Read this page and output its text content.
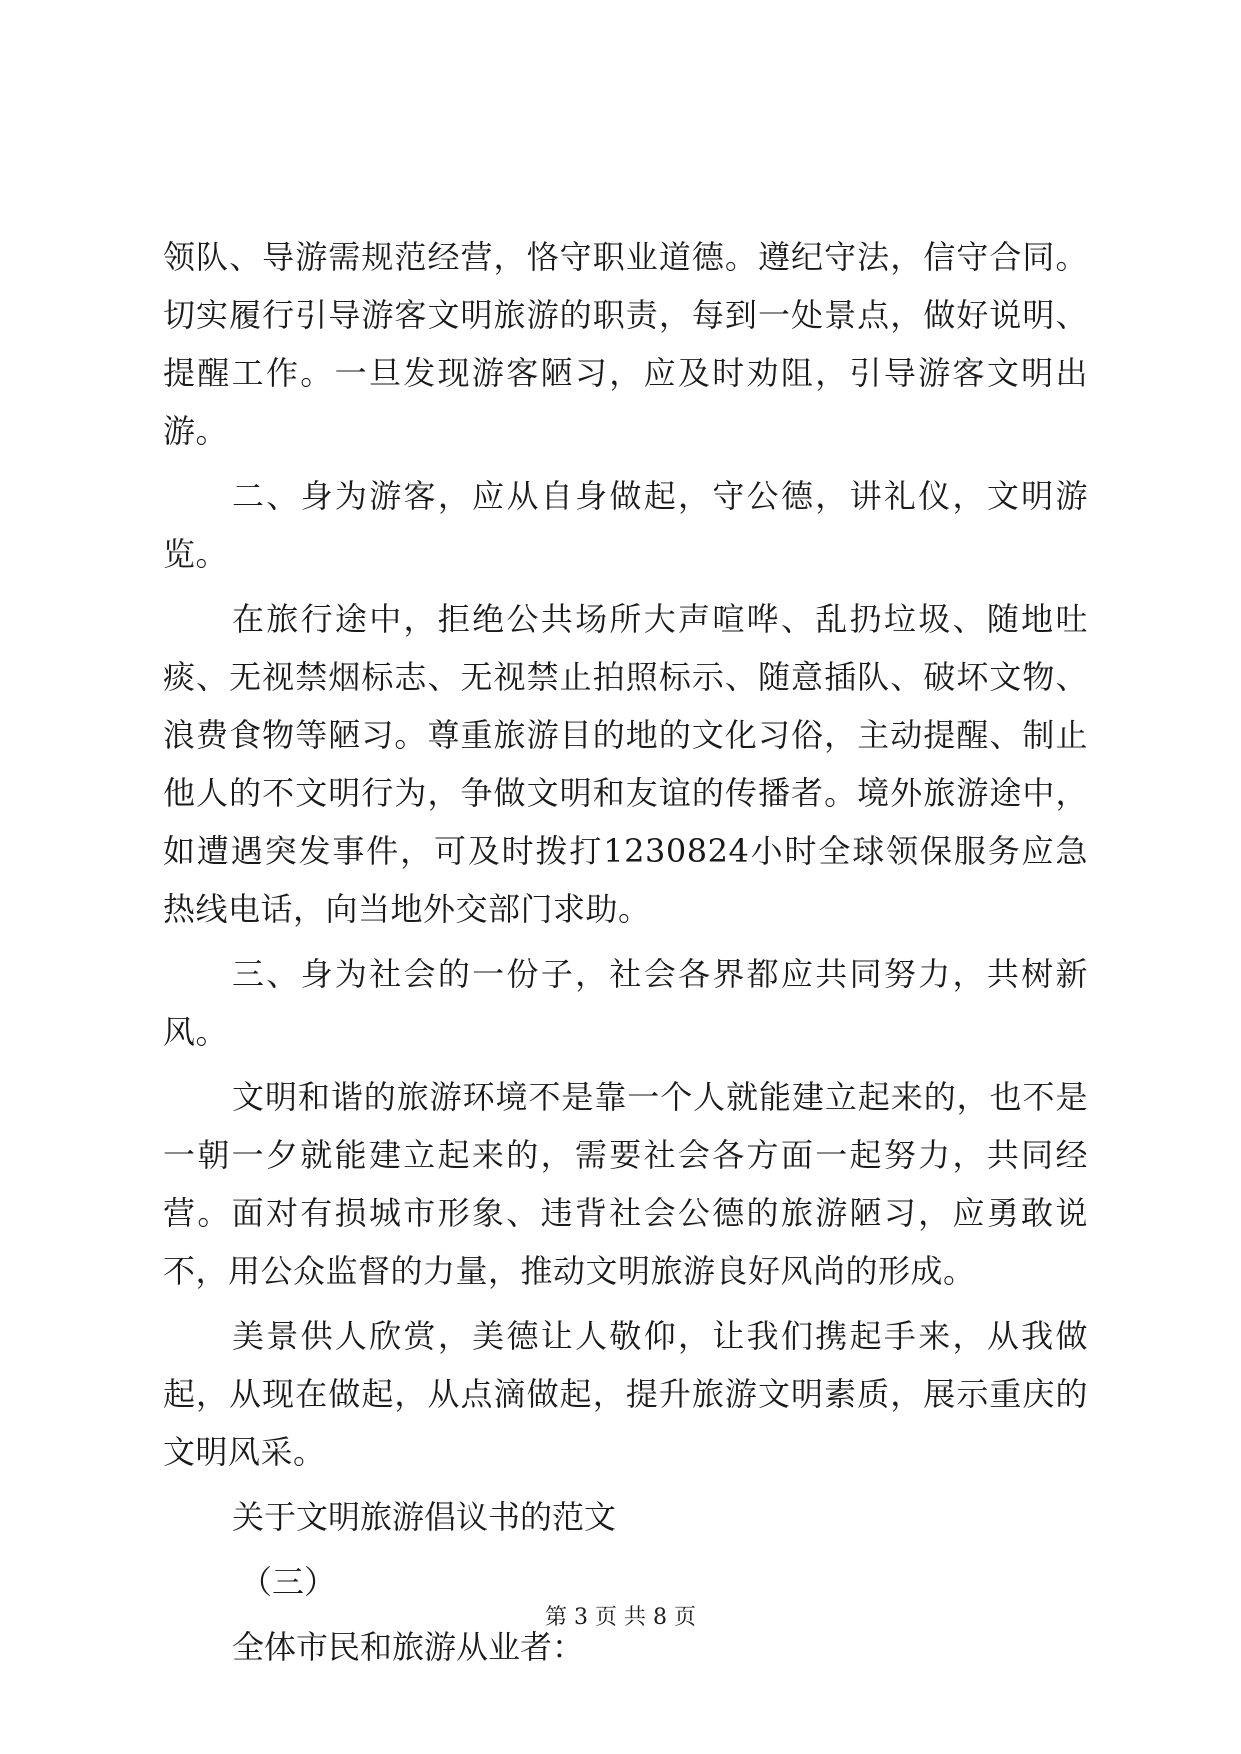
领队、导游需规范经营，恪守职业道德。遵纪守法，信守合同。切实履行引导游客文明旅游的职责，每到一处景点，做好说明、提醒工作。一旦发现游客陋习，应及时劝阻，引导游客文明出游。

二、身为游客，应从自身做起，守公德，讲礼仪，文明游览。

在旅行途中，拒绝公共场所大声喧哗、乱扔垃圾、随地吐痰、无视禁烟标志、无视禁止拍照标示、随意插队、破坏文物、浪费食物等陋习。尊重旅游目的地的文化习俗，主动提醒、制止他人的不文明行为，争做文明和友谊的传播者。境外旅游途中，如遭遇突发事件，可及时拨打1230824小时全球领保服务应急热线电话，向当地外交部门求助。

三、身为社会的一份子，社会各界都应共同努力，共树新风。

文明和谐的旅游环境不是靠一个人就能建立起来的，也不是一朝一夕就能建立起来的，需要社会各方面一起努力，共同经营。面对有损城市形象、违背社会公德的旅游陋习，应勇敢说不，用公众监督的力量，推动文明旅游良好风尚的形成。

美景供人欣赏，美德让人敬仰，让我们携起手来，从我做起，从现在做起，从点滴做起，提升旅游文明素质，展示重庆的文明风采。

关于文明旅游倡议书的范文

（三）

全体市民和旅游从业者：

第 3 页 共 8 页
